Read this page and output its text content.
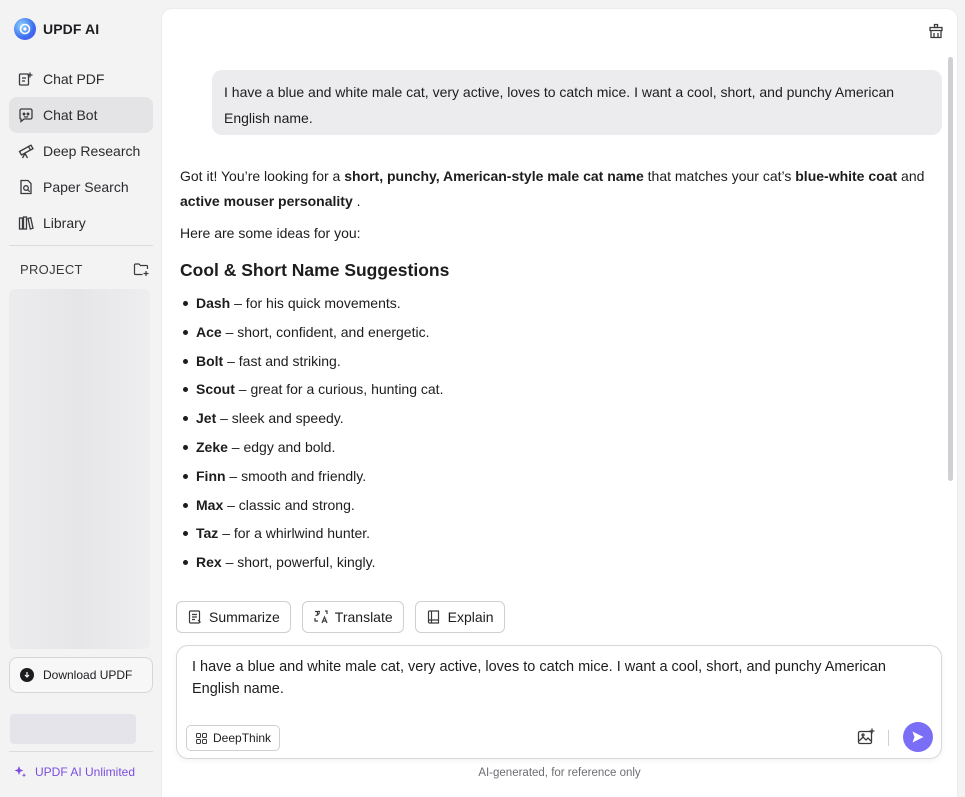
UPDF AI
Chat PDF
Chat Bot
Deep Research
Paper Search
Library
PROJECT
Download UPDF
UPDF AI Unlimited
I have a blue and white male cat, very active, loves to catch mice. I want a cool, short, and punchy American English name.

Got it! You’re looking for a short, punchy, American-style male cat name that matches your cat’s blue-white coat and
active mouser personality .

Here are some ideas for you:

Cool & Short Name Suggestions
Dash – for his quick movements.
Ace – short, confident, and energetic.
Bolt – fast and striking.
Scout – great for a curious, hunting cat.
Jet – sleek and speedy.
Zeke – edgy and bold.
Finn – smooth and friendly.
Max – classic and strong.
Taz – for a whirlwind hunter.
Rex – short, powerful, kingly.
Summarize	Translate	Explain
I have a blue and white male cat, very active, loves to catch mice. I want a cool, short, and punchy American English name.
DeepThink
AI-generated, for reference only
